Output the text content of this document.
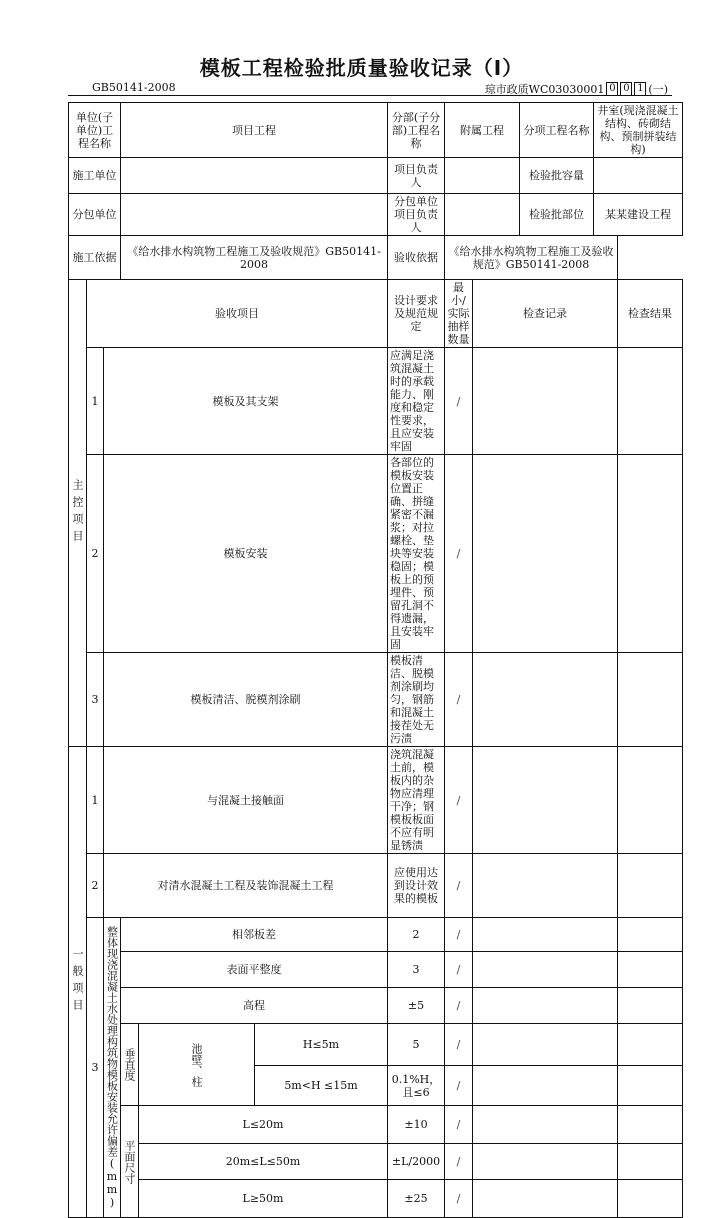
模板工程检验批质量验收记录（Ⅰ）
GB50141-2008	琼市政质WC03030001 0 0 1 (一)
单位(子单位)工程名称			项目工程			分部(子分部)工程名称	附属工程		分项工程名称	井室(现浇混凝土结构、砖砌结构、预制拼装结构)	
施工单位						项目负责人			检验批容量		
分包单位						分包单位项目负责人			检验批部位	某某建设工程	
施工依据			《给水排水构筑物工程施工及验收规范》GB50141-2008			验收依据	《给水排水构筑物工程施工及验收规范》GB50141-2008				
主控项目	验收项目					设计要求及规范规定	最小/实际抽样数量	检查记录			检查结果
	1	模板及其支架				应满足浇筑混凝土时的承载能力、刚度和稳定性要求，且应安装牢固	/				
	2	模板安装				各部位的模板安装位置正确、拼缝紧密不漏浆；对拉螺栓、垫块等安装稳固；模板上的预埋件、预留孔洞不得遗漏，且安装牢固	/				
	3	模板清洁、脱模剂涂刷				模板清洁、脱模剂涂刷均匀，钢筋和混凝土接茬处无污渍	/				
一般项目	1	与混凝土接触面				浇筑混凝土前，模板内的杂物应清理干净；钢模板板面不应有明显锈渍	/				
	2	对清水混凝土工程及装饰混凝土工程				应使用达到设计效果的模板	/				
	3	整体现浇混凝土水处理构筑物模板安装允许偏差(mm)	相邻板差			2	/				
			表面平整度			3	/				
			高程			±5	/				
			垂直度	池壁、柱	H≤5m	5	/				
					5m<H ≤15m	0.1%H，且≤6	/				
			平面尺寸	L≤20m		±10	/				
				20m≤L≤50m		±L/2000	/				
				L≥50m		±25	/				
